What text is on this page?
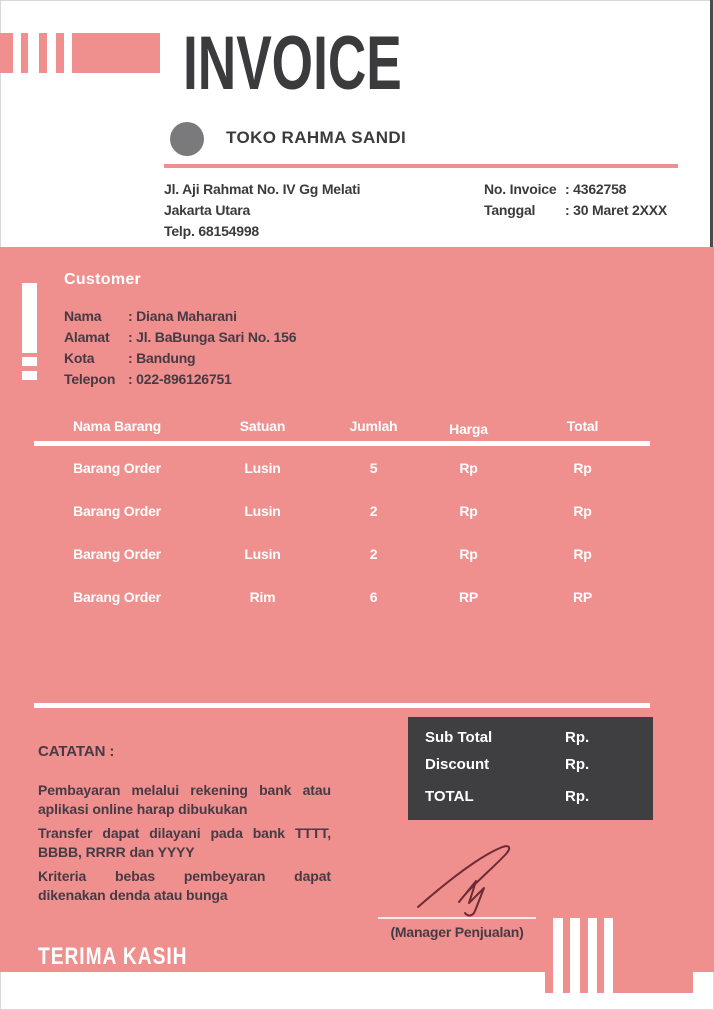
INVOICE
TOKO RAHMA SANDI
Jl. Aji Rahmat No. IV Gg Melati
Jakarta Utara
Telp. 68154998
No. Invoice : 4362758
Tanggal	: 30 Maret 2XXX
Customer
Nama	: Diana Maharani
Alamat	: Jl. BaBunga Sari No. 156
Kota	: Bandung
Telepon : 022-896126751
Nama Barang	Satuan	Jumlah	Harga	Total
Barang Order	Lusin	5	Rp	Rp
Barang Order	Lusin	2	Rp	Rp
Barang Order	Lusin	2	Rp	Rp
Barang Order	Rim	6	RP	RP
Sub Total	Rp.
Discount	Rp.
TOTAL	Rp.
CATATAN :
Pembayaran melalui rekening bank atau
aplikasi online harap dibukukan
Transfer dapat dilayani pada bank TTTT,
BBBB, RRRR dan YYYY
Kriteria bebas pembeyaran dapat
dikenakan denda atau bunga
(Manager Penjualan)
TERIMA KASIH
